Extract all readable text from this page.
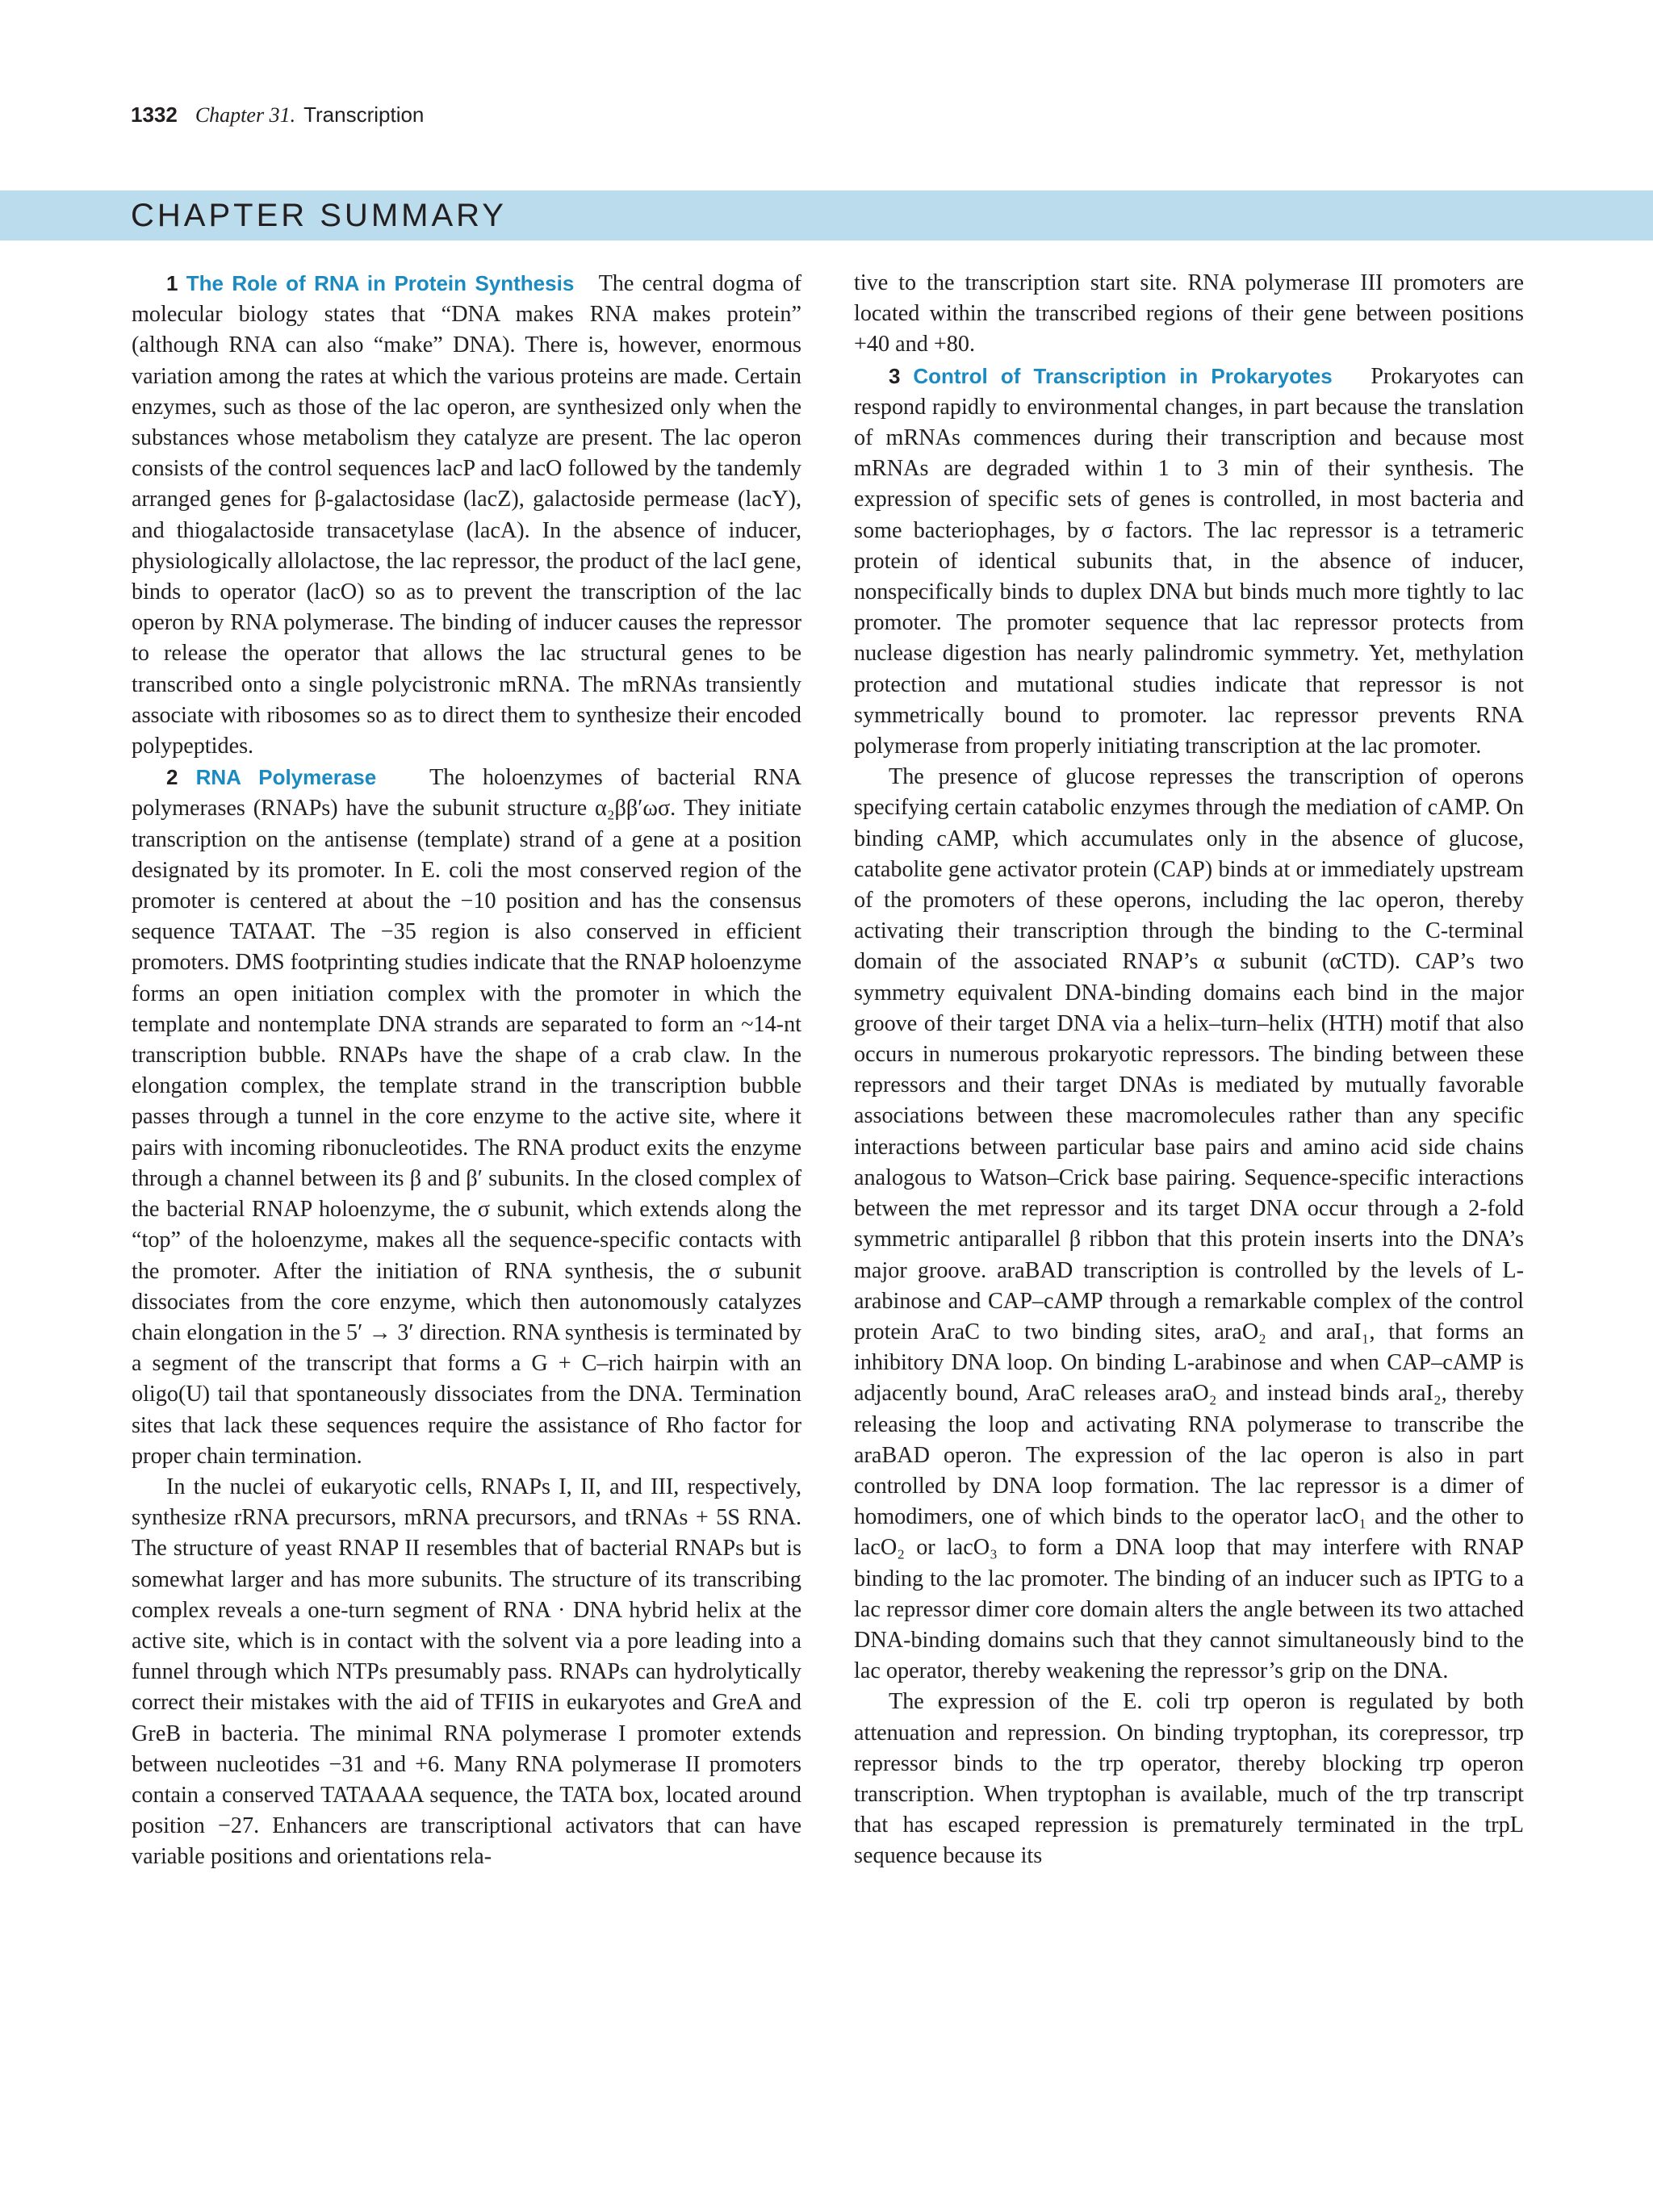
1332 Chapter 31. Transcription
CHAPTER SUMMARY

1 The Role of RNA in Protein Synthesis The central dogma of molecular biology states that “DNA makes RNA makes protein” (although RNA can also “make” DNA). There is, however, enormous variation among the rates at which the various proteins are made. Certain enzymes, such as those of the lac operon, are synthesized only when the substances whose metabolism they catalyze are present. The lac operon consists of the control sequences lacP and lacO followed by the tandemly arranged genes for β-galactosidase (lacZ), galactoside permease (lacY), and thiogalactoside transacetylase (lacA). In the absence of inducer, physiologically allolactose, the lac repressor, the product of the lacI gene, binds to operator (lacO) so as to prevent the transcription of the lac operon by RNA polymerase. The binding of inducer causes the repressor to release the operator that allows the lac structural genes to be transcribed onto a single polycistronic mRNA. The mRNAs transiently associate with ribosomes so as to direct them to synthesize their encoded polypeptides.

2 RNA Polymerase The holoenzymes of bacterial RNA polymerases (RNAPs) have the subunit structure α₂ββ′ωσ. They initiate transcription on the antisense (template) strand of a gene at a position designated by its promoter. In E. coli the most conserved region of the promoter is centered at about the −10 position and has the consensus sequence TATAAT. The −35 region is also conserved in efficient promoters. DMS footprinting studies indicate that the RNAP holoenzyme forms an open initiation complex with the promoter in which the template and nontemplate DNA strands are separated to form an ~14-nt transcription bubble. RNAPs have the shape of a crab claw. In the elongation complex, the template strand in the transcription bubble passes through a tunnel in the core enzyme to the active site, where it pairs with incoming ribonucleotides. The RNA product exits the enzyme through a channel between its β and β′ subunits. In the closed complex of the bacterial RNAP holoenzyme, the σ subunit, which extends along the “top” of the holoenzyme, makes all the sequence-specific contacts with the promoter. After the initiation of RNA synthesis, the σ subunit dissociates from the core enzyme, which then autonomously catalyzes chain elongation in the 5′ → 3′ direction. RNA synthesis is terminated by a segment of the transcript that forms a G + C–rich hairpin with an oligo(U) tail that spontaneously dissociates from the DNA. Termination sites that lack these sequences require the assistance of Rho factor for proper chain termination.

In the nuclei of eukaryotic cells, RNAPs I, II, and III, respectively, synthesize rRNA precursors, mRNA precursors, and tRNAs + 5S RNA. The structure of yeast RNAP II resembles that of bacterial RNAPs but is somewhat larger and has more subunits. The structure of its transcribing complex reveals a one-turn segment of RNA · DNA hybrid helix at the active site, which is in contact with the solvent via a pore leading into a funnel through which NTPs presumably pass. RNAPs can hydrolytically correct their mistakes with the aid of TFIIS in eukaryotes and GreA and GreB in bacteria. The minimal RNA polymerase I promoter extends between nucleotides −31 and +6. Many RNA polymerase II promoters contain a conserved TATAAAA sequence, the TATA box, located around position −27. Enhancers are transcriptional activators that can have variable positions and orientations rela-

tive to the transcription start site. RNA polymerase III promoters are located within the transcribed regions of their gene between positions +40 and +80.

3 Control of Transcription in Prokaryotes Prokaryotes can respond rapidly to environmental changes, in part because the translation of mRNAs commences during their transcription and because most mRNAs are degraded within 1 to 3 min of their synthesis. The expression of specific sets of genes is controlled, in most bacteria and some bacteriophages, by σ factors. The lac repressor is a tetrameric protein of identical subunits that, in the absence of inducer, nonspecifically binds to duplex DNA but binds much more tightly to lac promoter. The promoter sequence that lac repressor protects from nuclease digestion has nearly palindromic symmetry. Yet, methylation protection and mutational studies indicate that repressor is not symmetrically bound to promoter. lac repressor prevents RNA polymerase from properly initiating transcription at the lac promoter.

The presence of glucose represses the transcription of operons specifying certain catabolic enzymes through the mediation of cAMP. On binding cAMP, which accumulates only in the absence of glucose, catabolite gene activator protein (CAP) binds at or immediately upstream of the promoters of these operons, including the lac operon, thereby activating their transcription through the binding to the C-terminal domain of the associated RNAP’s α subunit (αCTD). CAP’s two symmetry equivalent DNA-binding domains each bind in the major groove of their target DNA via a helix–turn–helix (HTH) motif that also occurs in numerous prokaryotic repressors. The binding between these repressors and their target DNAs is mediated by mutually favorable associations between these macromolecules rather than any specific interactions between particular base pairs and amino acid side chains analogous to Watson–Crick base pairing. Sequence-specific interactions between the met repressor and its target DNA occur through a 2-fold symmetric antiparallel β ribbon that this protein inserts into the DNA’s major groove. araBAD transcription is controlled by the levels of L-arabinose and CAP–cAMP through a remarkable complex of the control protein AraC to two binding sites, araO₂ and araI₁, that forms an inhibitory DNA loop. On binding L-arabinose and when CAP–cAMP is adjacently bound, AraC releases araO₂ and instead binds araI₂, thereby releasing the loop and activating RNA polymerase to transcribe the araBAD operon. The expression of the lac operon is also in part controlled by DNA loop formation. The lac repressor is a dimer of homodimers, one of which binds to the operator lacO₁ and the other to lacO₂ or lacO₃ to form a DNA loop that may interfere with RNAP binding to the lac promoter. The binding of an inducer such as IPTG to a lac repressor dimer core domain alters the angle between its two attached DNA-binding domains such that they cannot simultaneously bind to the lac operator, thereby weakening the repressor’s grip on the DNA.

The expression of the E. coli trp operon is regulated by both attenuation and repression. On binding tryptophan, its corepressor, trp repressor binds to the trp operator, thereby blocking trp operon transcription. When tryptophan is available, much of the trp transcript that has escaped repression is prematurely terminated in the trpL sequence because its
